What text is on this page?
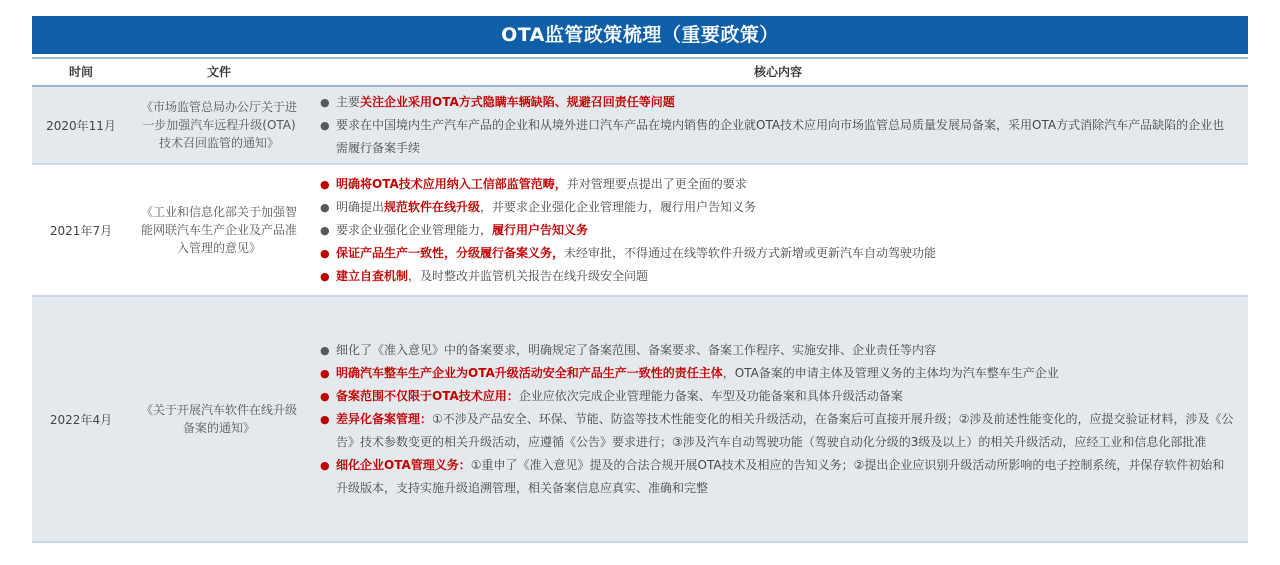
OTA监管政策梳理（重要政策）
时间	文件	核心内容
2020年11月
《市场监管总局办公厅关于进一步加强汽车远程升级(OTA)技术召回监管的通知》
● 主要关注企业采用OTA方式隐瞒车辆缺陷、规避召回责任等问题
● 要求在中国境内生产汽车产品的企业和从境外进口汽车产品在境内销售的企业就OTA技术应用向市场监管总局质量发展局备案，采用OTA方式消除汽车产品缺陷的企业也需履行备案手续
2021年7月
《工业和信息化部关于加强智能网联汽车生产企业及产品准入管理的意见》
● 明确将OTA技术应用纳入工信部监管范畴，并对管理要点提出了更全面的要求
● 明确提出规范软件在线升级，并要求企业强化企业管理能力，履行用户告知义务
● 要求企业强化企业管理能力，履行用户告知义务
● 保证产品生产一致性，分级履行备案义务，未经审批，不得通过在线等软件升级方式新增或更新汽车自动驾驶功能
● 建立自查机制，及时整改并监管机关报告在线升级安全问题
2022年4月
《关于开展汽车软件在线升级备案的通知》
● 细化了《准入意见》中的备案要求，明确规定了备案范围、备案要求、备案工作程序、实施安排、企业责任等内容
● 明确汽车整车生产企业为OTA升级活动安全和产品生产一致性的责任主体，OTA备案的申请主体及管理义务的主体均为汽车整车生产企业
● 备案范围不仅限于OTA技术应用：企业应依次完成企业管理能力备案、车型及功能备案和具体升级活动备案
● 差异化备案管理：①不涉及产品安全、环保、节能、防盗等技术性能变化的相关升级活动，在备案后可直接开展升级；②涉及前述性能变化的，应提交验证材料，涉及《公告》技术参数变更的相关升级活动，应遵循《公告》要求进行；③涉及汽车自动驾驶功能（驾驶自动化分级的3级及以上）的相关升级活动，应经工业和信息化部批准
● 细化企业OTA管理义务：①重申了《准入意见》提及的合法合规开展OTA技术及相应的告知义务；②提出企业应识别升级活动所影响的电子控制系统，并保存软件初始和升级版本，支持实施升级追溯管理，相关备案信息应真实、准确和完整
